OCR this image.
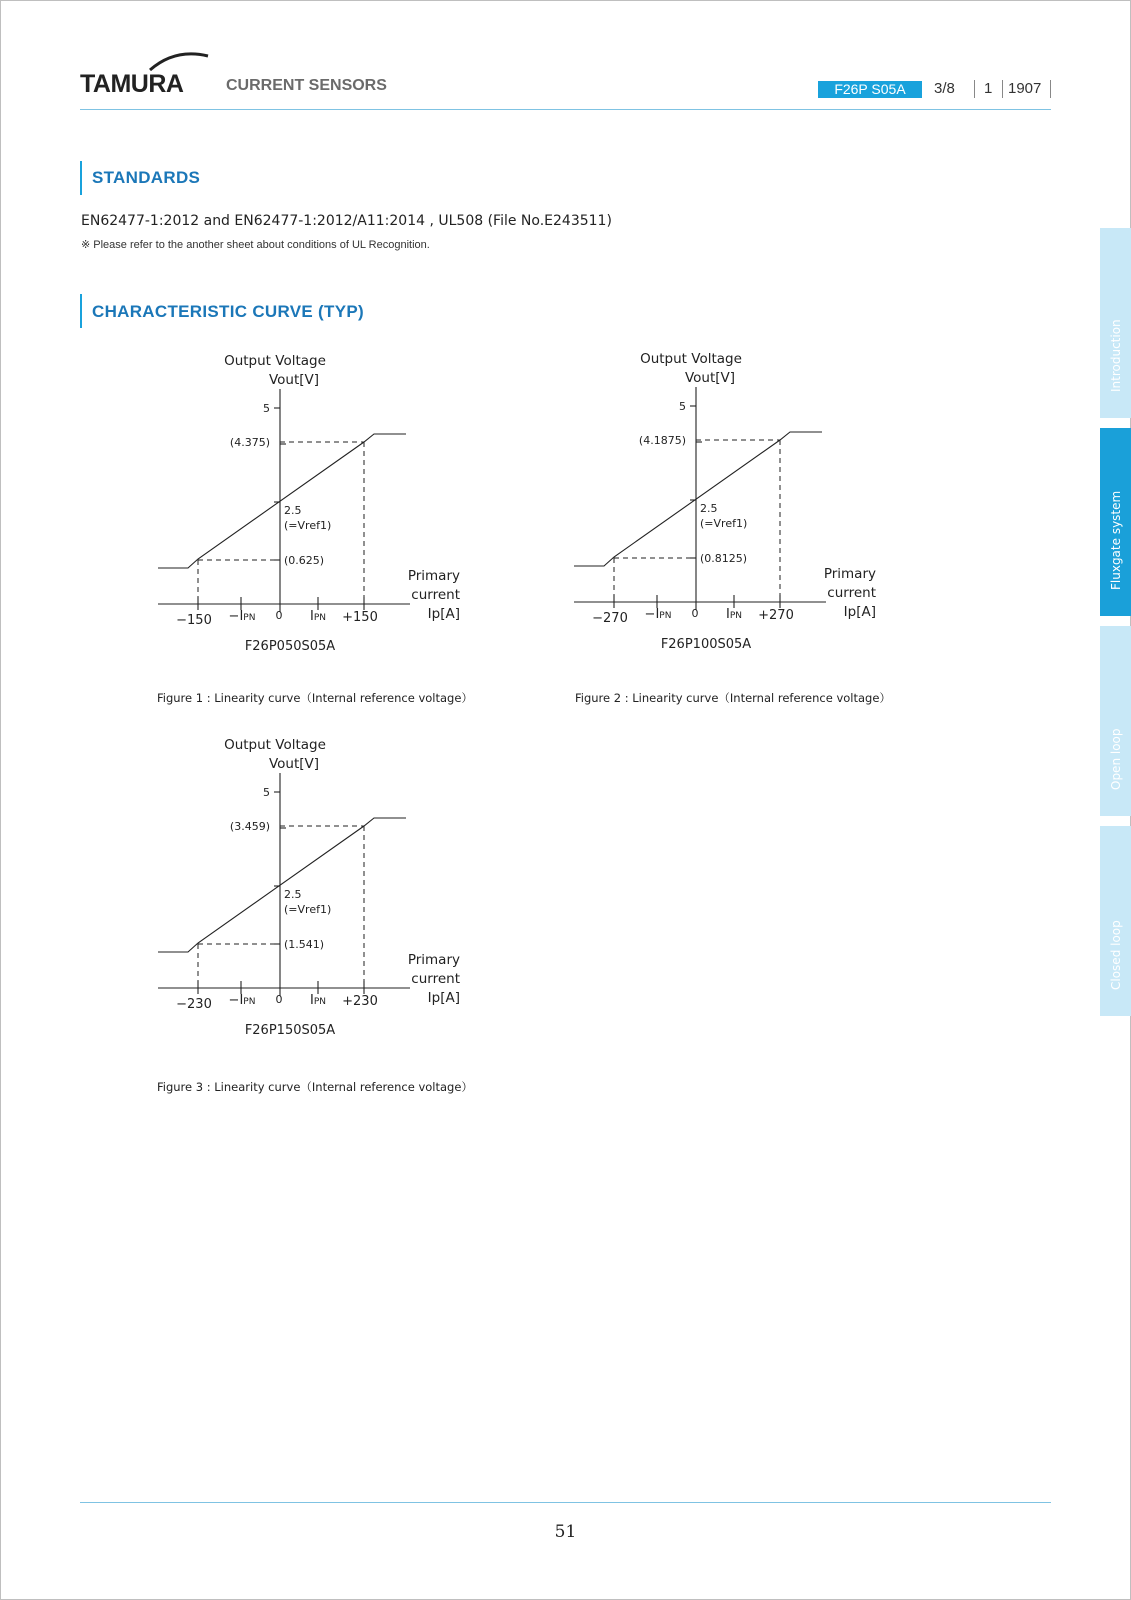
TAMURA	CURRENT SENSORS	F26P S05A	3/8 1 1907
STANDARDS
EN62477-1:2012 and EN62477-1:2012/A11:2014 , UL508 (File No.E243511)
※ Please refer to the another sheet about conditions of UL Recognition.
CHARACTERISTIC CURVE (TYP)
Output Voltage
Vout[V]
Primary
current
Ip[A]
5
(4.375)
2.5
(=Vref1)
(0.625)
−150 −IPN 0 IPN +150
F26P050S05A
Figure 1 : Linearity curve（Internal reference voltage）
Output Voltage
Vout[V]
Primary
current
Ip[A]
5
(4.1875)
2.5
(=Vref1)
(0.8125)
−270 −IPN 0 IPN +270
F26P100S05A
Figure 2 : Linearity curve（Internal reference voltage）
Output Voltage
Vout[V]
Primary
current
Ip[A]
5
(3.459)
2.5
(=Vref1)
(1.541)
−230 −IPN 0 IPN +230
F26P150S05A
Figure 3 : Linearity curve（Internal reference voltage）
Introduction
Fluxgate system
Open loop
Closed loop
51
